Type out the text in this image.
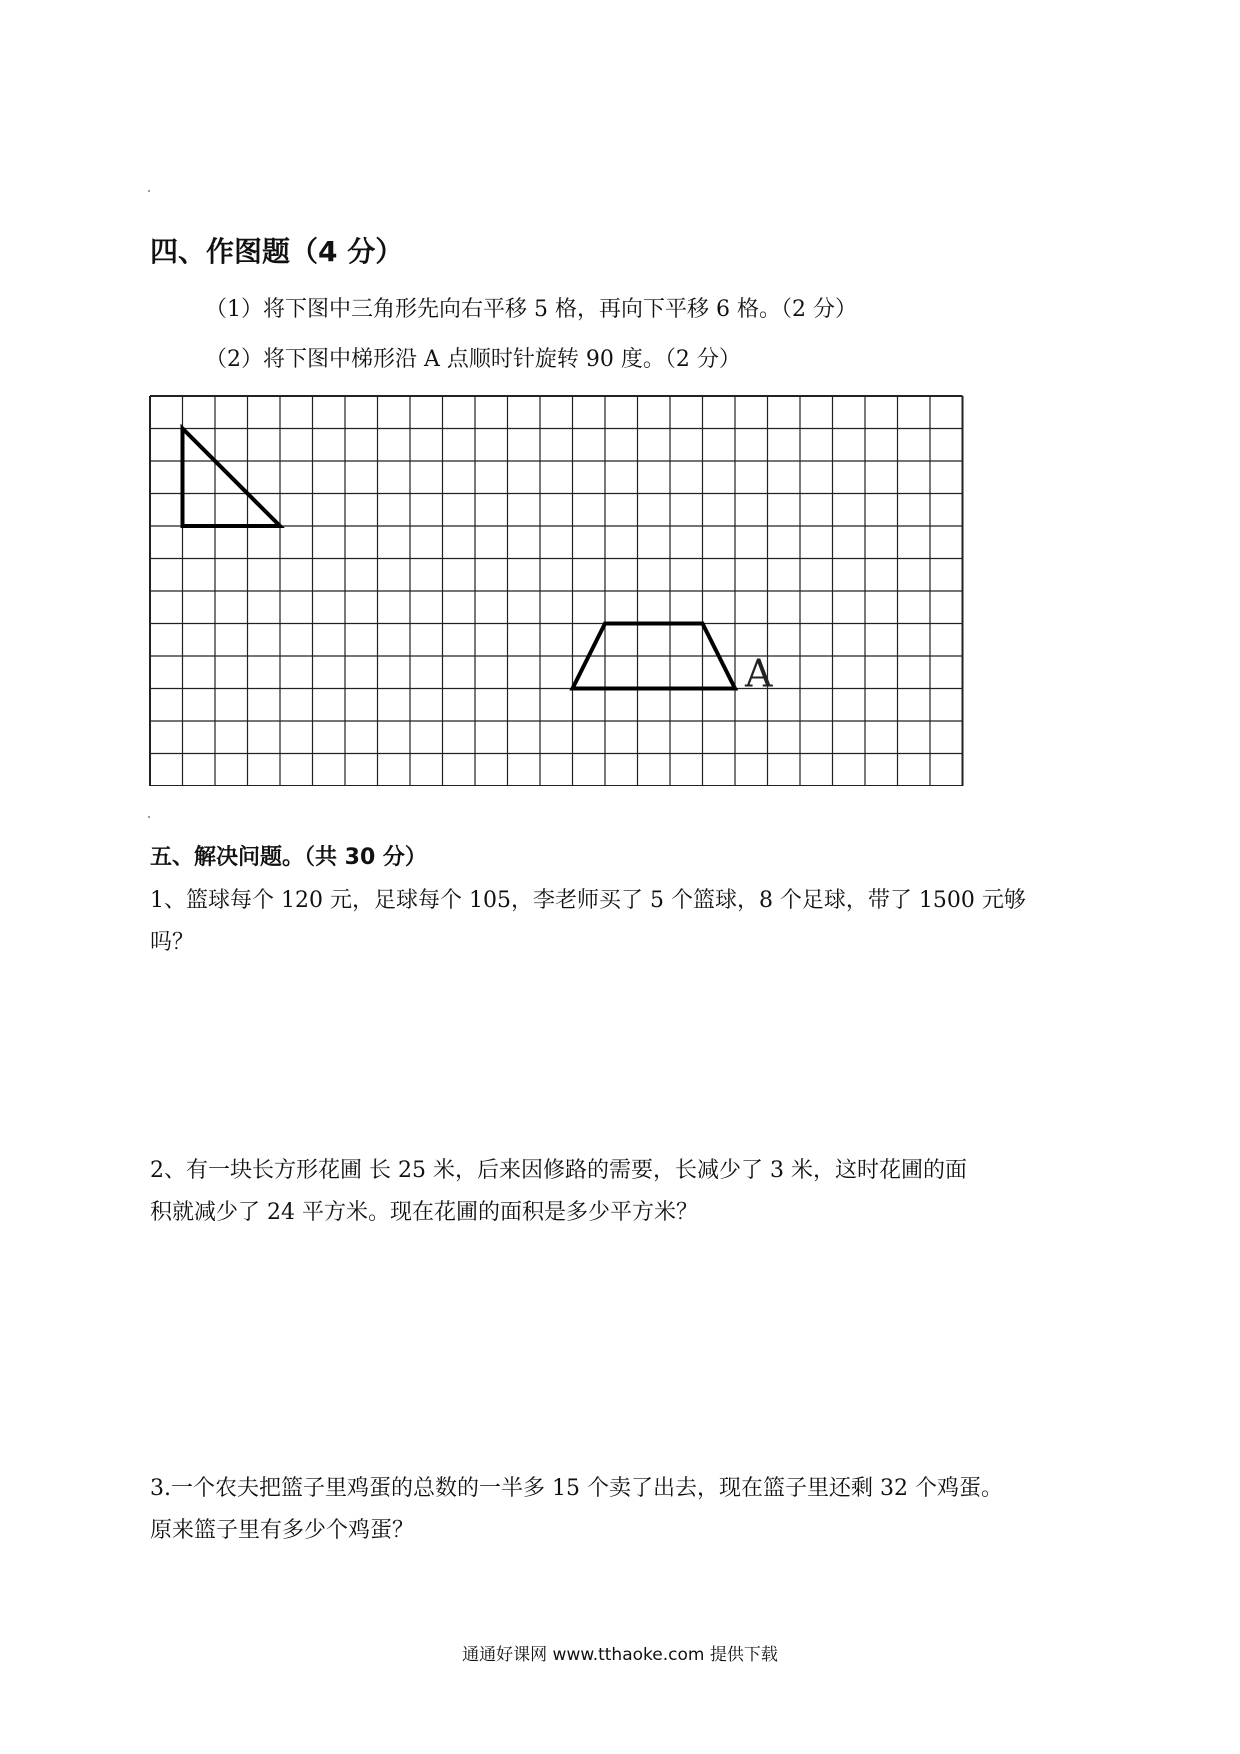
四、作图题（4 分）
（1）将下图中三角形先向右平移 5 格，再向下平移 6 格。（2 分）
（2）将下图中梯形沿 A 点顺时针旋转 90 度。（2 分）
A
五、解决问题。（共 30 分）
1、篮球每个 120 元，足球每个 105，李老师买了 5 个篮球，8 个足球，带了 1500 元够
吗？
2、有一块长方形花圃 长 25 米，后来因修路的需要，长减少了 3 米，这时花圃的面
积就减少了 24 平方米。现在花圃的面积是多少平方米？
3.一个农夫把篮子里鸡蛋的总数的一半多 15 个卖了出去，现在篮子里还剩 32 个鸡蛋。
原来篮子里有多少个鸡蛋？
通通好课网 www.tthaoke.com 提供下载
